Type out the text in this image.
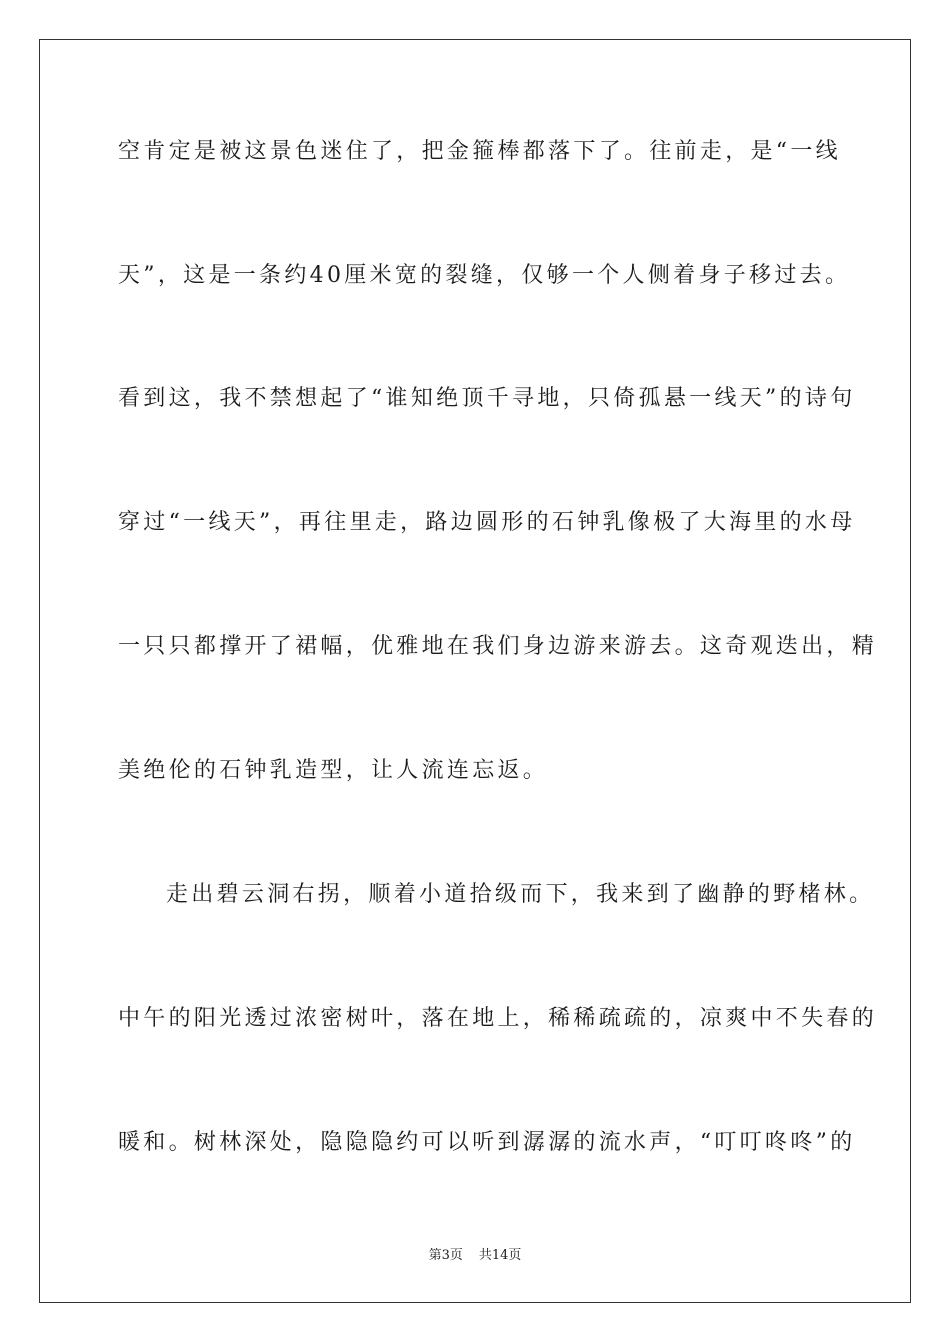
空肯定是被这景色迷住了，把金箍棒都落下了。往前走，是“一线
天”，这是一条约40厘米宽的裂缝，仅够一个人侧着身子移过去。
看到这，我不禁想起了“谁知绝顶千寻地，只倚孤悬一线天”的诗句
穿过“一线天”，再往里走，路边圆形的石钟乳像极了大海里的水母
一只只都撑开了裙幅，优雅地在我们身边游来游去。这奇观迭出，精
美绝伦的石钟乳造型，让人流连忘返。
走出碧云洞右拐，顺着小道拾级而下，我来到了幽静的野楮林。
中午的阳光透过浓密树叶，落在地上，稀稀疏疏的，凉爽中不失春的
暖和。树林深处，隐隐隐约可以听到潺潺的流水声，“叮叮咚咚”的
第3页 共14页
